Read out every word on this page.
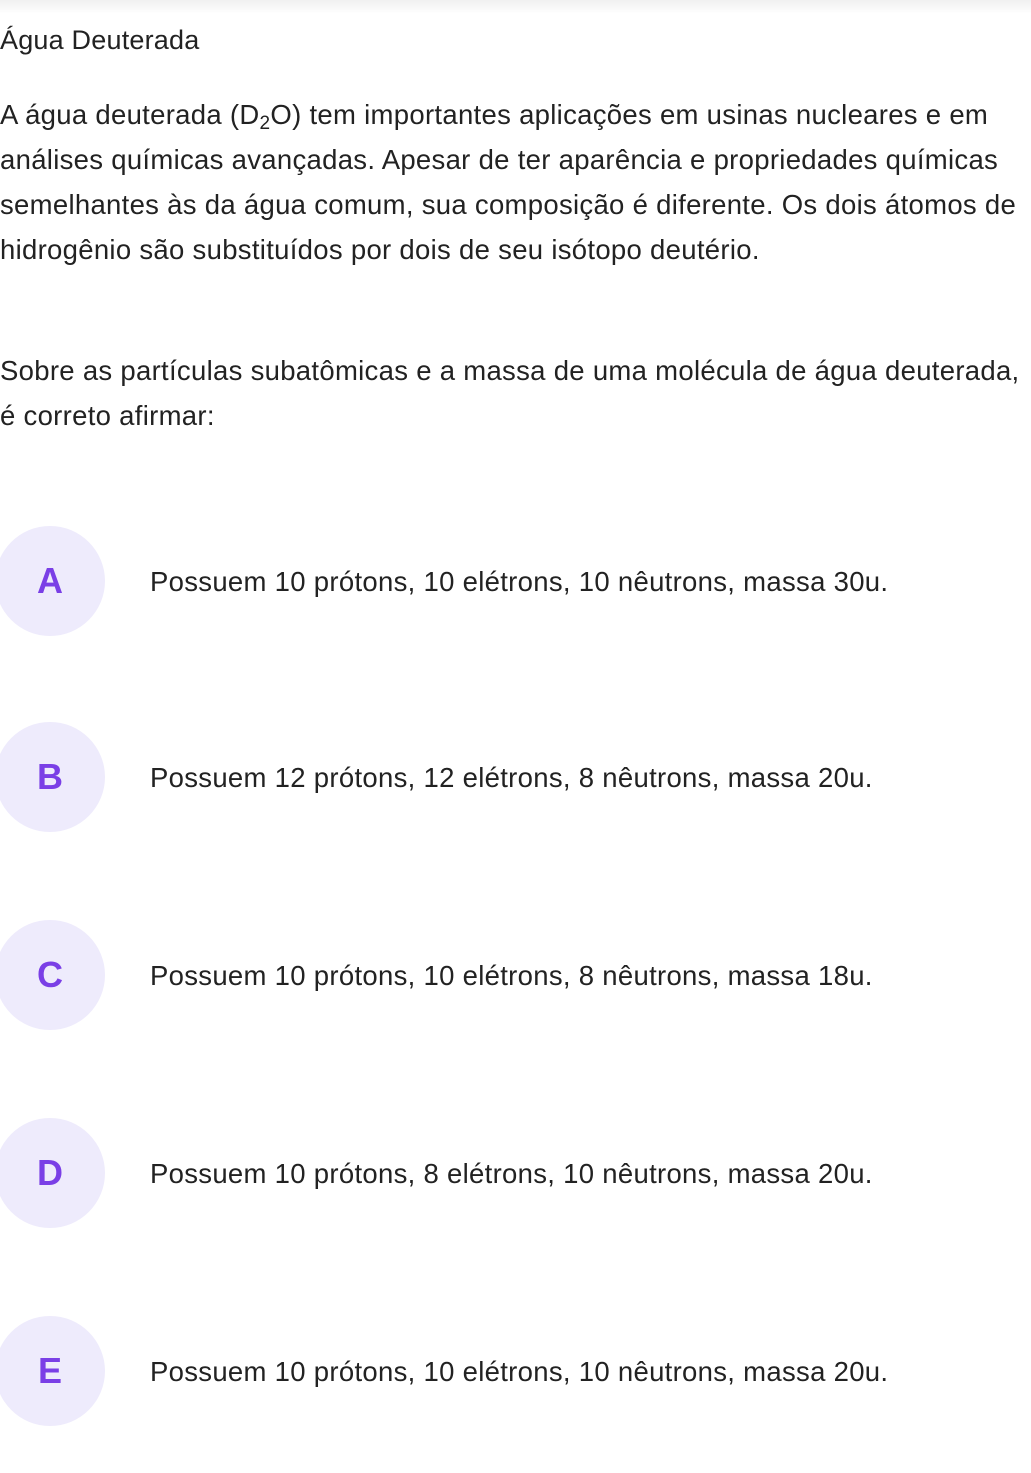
Água Deuterada

A água deuterada $(D_2O)$ tem importantes aplicações em usinas nucleares e em análises químicas avançadas. Apesar de ter aparência e propriedades químicas semelhantes às da água comum, sua composição é diferente. Os dois átomos de hidrogênio são substituídos por dois de seu isótopo deutério.

Sobre as partículas subatômicas e a massa de uma molécula de água deuterada, é correto afirmar:

A	Possuem 10 prótons, 10 elétrons, 10 nêutrons, massa 30u.
B	Possuem 12 prótons, 12 elétrons, 8 nêutrons, massa 20u.
C	Possuem 10 prótons, 10 elétrons, 8 nêutrons, massa 18u.
D	Possuem 10 prótons, 8 elétrons, 10 nêutrons, massa 20u.
E	Possuem 10 prótons, 10 elétrons, 10 nêutrons, massa 20u.
